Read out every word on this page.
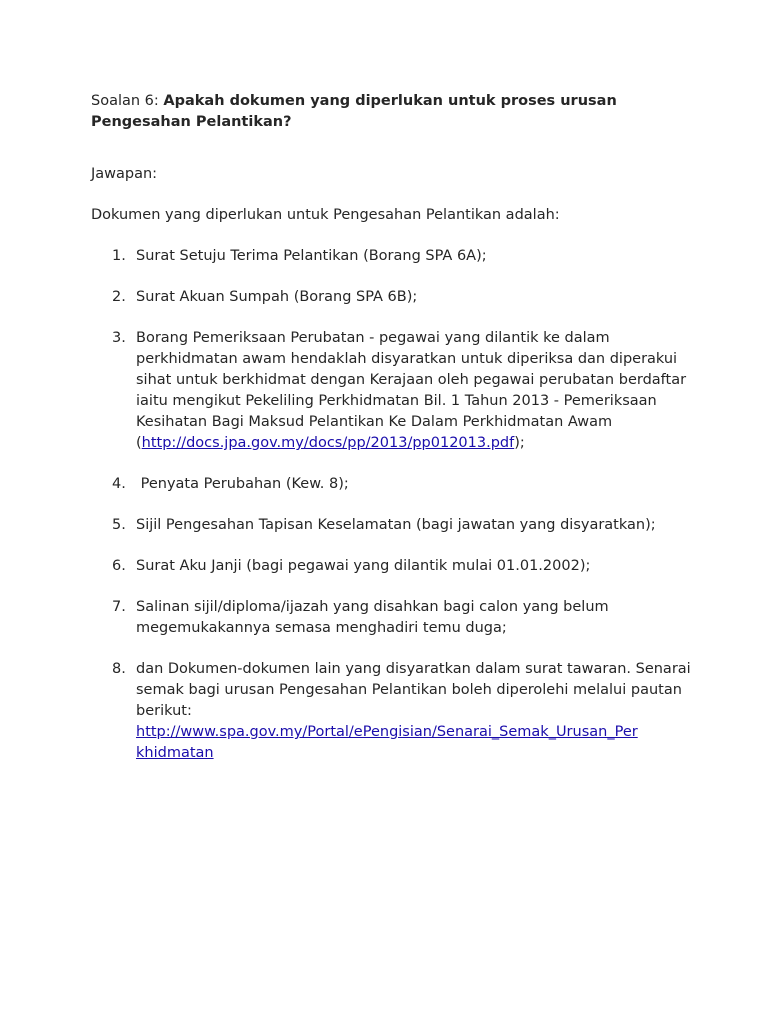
Soalan 6: Apakah dokumen yang diperlukan untuk proses urusan Pengesahan Pelantikan?
Jawapan:
Dokumen yang diperlukan untuk Pengesahan Pelantikan adalah:
1. Surat Setuju Terima Pelantikan (Borang SPA 6A);
2. Surat Akuan Sumpah (Borang SPA 6B);
3. Borang Pemeriksaan Perubatan - pegawai yang dilantik ke dalam perkhidmatan awam hendaklah disyaratkan untuk diperiksa dan diperakui sihat untuk berkhidmat dengan Kerajaan oleh pegawai perubatan berdaftar iaitu mengikut Pekeliling Perkhidmatan Bil. 1 Tahun 2013 - Pemeriksaan Kesihatan Bagi Maksud Pelantikan Ke Dalam Perkhidmatan Awam
(http://docs.jpa.gov.my/docs/pp/2013/pp012013.pdf);
4. Penyata Perubahan (Kew. 8);
5. Sijil Pengesahan Tapisan Keselamatan (bagi jawatan yang disyaratkan);
6. Surat Aku Janji (bagi pegawai yang dilantik mulai 01.01.2002);
7. Salinan sijil/diploma/ijazah yang disahkan bagi calon yang belum megemukakannya semasa menghadiri temu duga;
8. dan Dokumen-dokumen lain yang disyaratkan dalam surat tawaran. Senarai semak bagi urusan Pengesahan Pelantikan boleh diperolehi melalui pautan berikut:
http://www.spa.gov.my/Portal/ePengisian/Senarai_Semak_Urusan_Per
khidmatan
